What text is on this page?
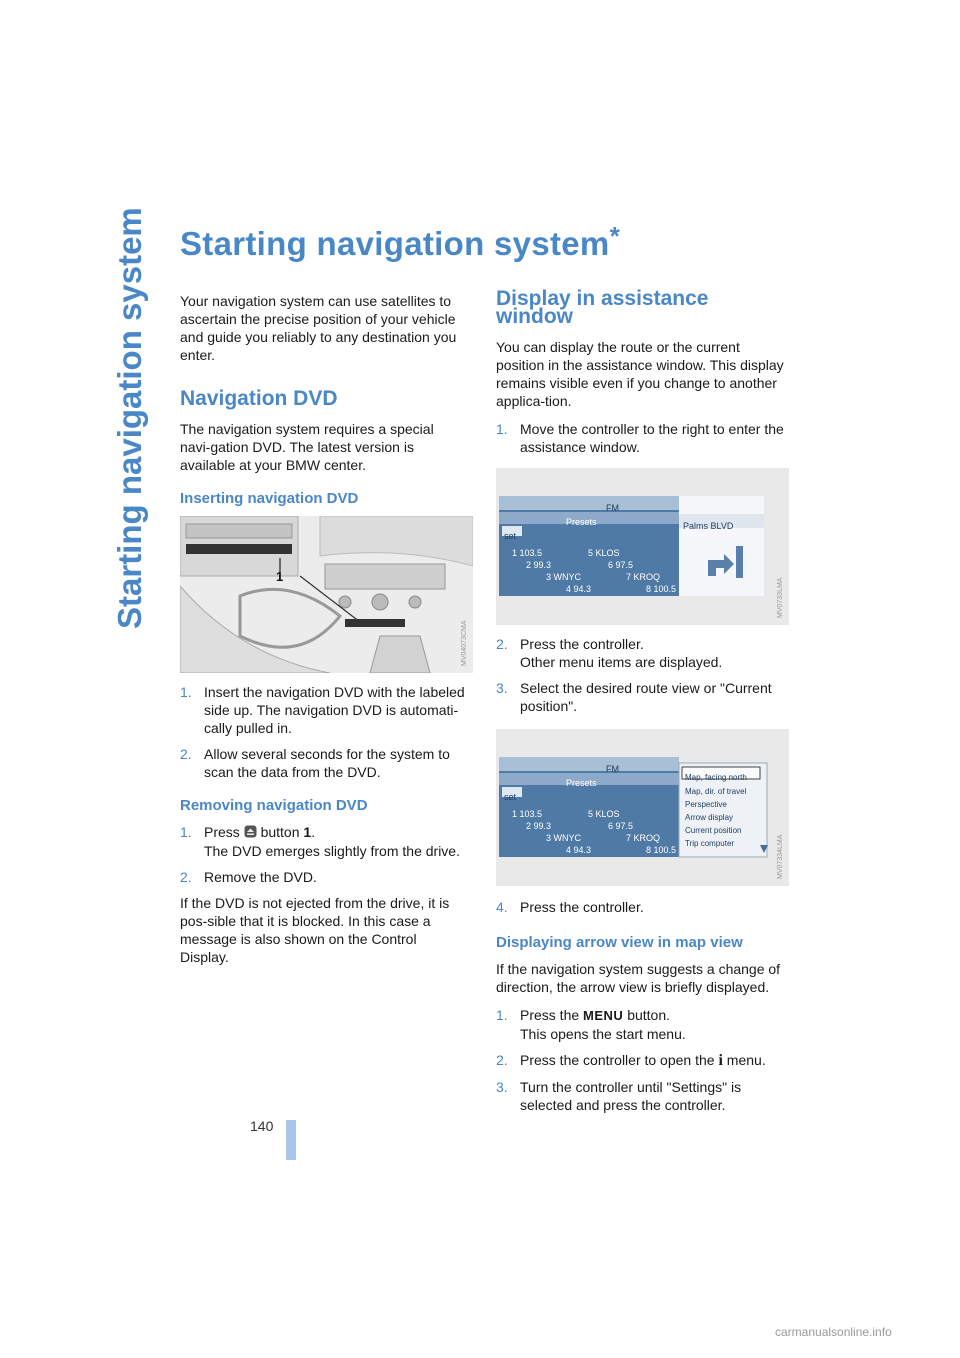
Starting navigation system Starting navigation system*

Your navigation system can use satellites to ascertain the precise position of your vehicle and guide you reliably to any destination you enter.

Navigation DVD

The navigation system requires a special navi-gation DVD. The latest version is available at your BMW center.

Inserting navigation DVD
MV04073CMA
1
1. Insert the navigation DVD with the labeled side up. The navigation DVD is automati-cally pulled in.
2. Allow several seconds for the system to scan the data from the DVD.
Removing navigation DVD
1. Press button 1.
The DVD emerges slightly from the drive.
2. Remove the DVD.

If the DVD is not ejected from the drive, it is pos-sible that it is blocked. In this case a message is also shown on the Control Display.

Display in assistance window

You can display the route or the current position in the assistance window. This display remains visible even if you change to another applica-tion.

1. Move the controller to the right to enter the assistance window.
MV0733LMA
FM
Presets
set
1 103.5	5 KLOS
2 99.3	6 97.5
3 WNYC	7 KROQ
4 94.3	8 100.5
Palms BLVD
2. Press the controller.
Other menu items are displayed.
3. Select the desired route view or "Current position".
MV07334LMA
FM
Presets
set
1 103.5	5 KLOS
2 99.3	6 97.5
3 WNYC	7 KROQ
4 94.3	8 100.5
Map, facing north
Map, dir. of travel
Perspective
Arrow display
Current position
Trip computer
4. Press the controller.
Displaying arrow view in map view

If the navigation system suggests a change of direction, the arrow view is briefly displayed.

1. Press the MENU button.
This opens the start menu.
2. Press the controller to open the i menu.
3. Turn the controller until "Settings" is selected and press the controller.
140
carmanualsonline.info
